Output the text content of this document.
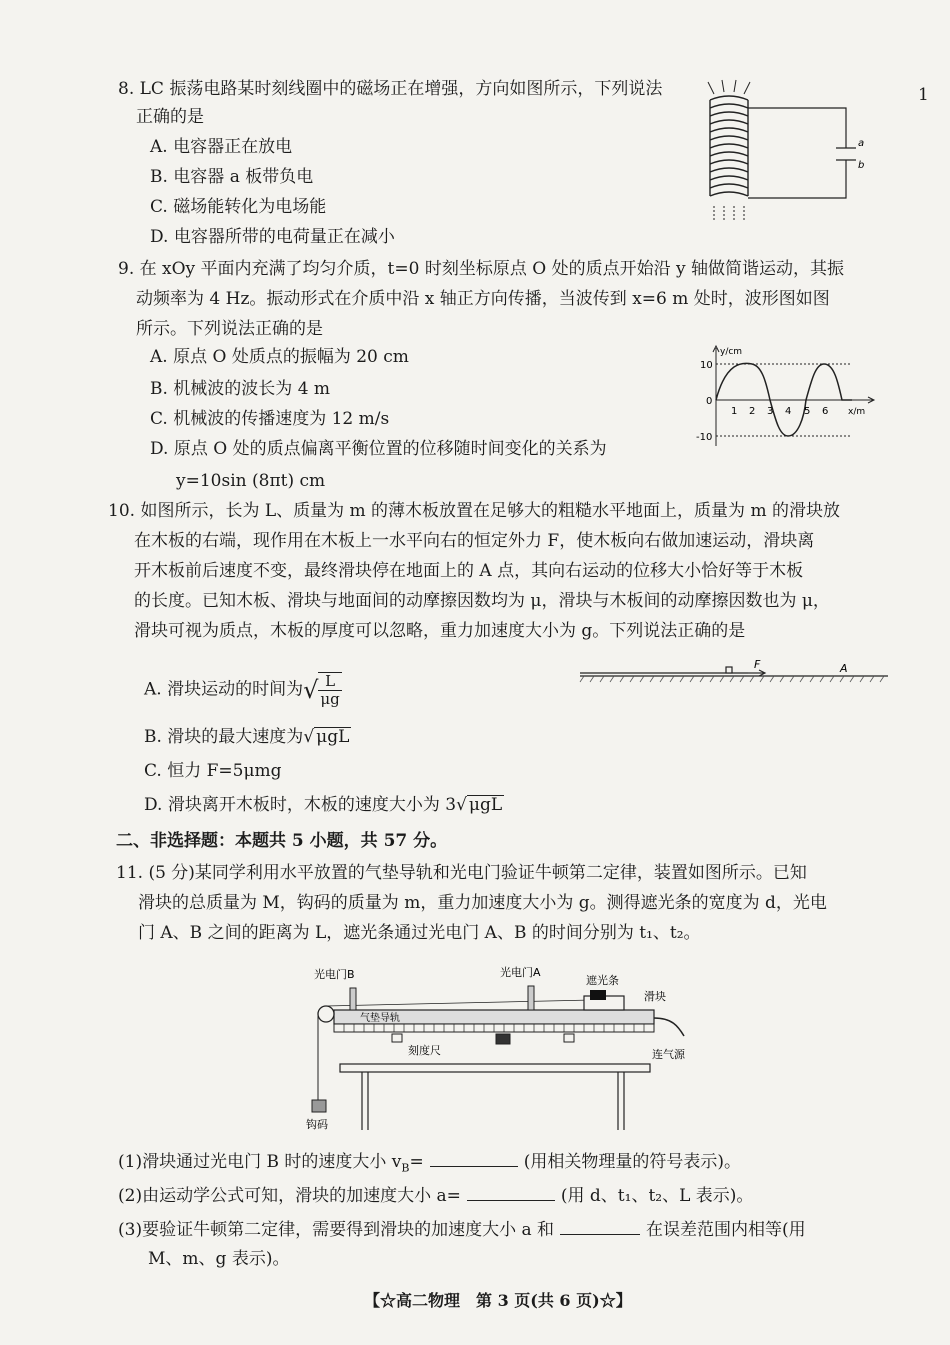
1
8. LC 振荡电路某时刻线圈中的磁场正在增强，方向如图所示，下列说法
正确的是
A. 电容器正在放电
B. 电容器 a 板带负电
C. 磁场能转化为电场能
D. 电容器所带的电荷量正在减小
a
b
9. 在 xOy 平面内充满了均匀介质，t=0 时刻坐标原点 O 处的质点开始沿 y 轴做简谐运动，其振
动频率为 4 Hz。振动形式在介质中沿 x 轴正方向传播，当波传到 x=6 m 处时，波形图如图
所示。下列说法正确的是
A. 原点 O 处质点的振幅为 20 cm
B. 机械波的波长为 4 m
C. 机械波的传播速度为 12 m/s
D. 原点 O 处的质点偏离平衡位置的位移随时间变化的关系为
y=10sin (8πt) cm
y/cm
10
0
-10
1 2 3 4 5 6 x/m
10. 如图所示，长为 L、质量为 m 的薄木板放置在足够大的粗糙水平地面上，质量为 m 的滑块放
在木板的右端，现作用在木板上一水平向右的恒定外力 F，使木板向右做加速运动，滑块离
开木板前后速度不变，最终滑块停在地面上的 A 点，其向右运动的位移大小恰好等于木板
的长度。已知木板、滑块与地面间的动摩擦因数均为 μ，滑块与木板间的动摩擦因数也为 μ，
滑块可视为质点，木板的厚度可以忽略，重力加速度大小为 g。下列说法正确的是
A. 滑块运动的时间为√ $\frac{L}{\mu g}$
B. 滑块的最大速度为√ μgL
C. 恒力 F=5μmg
D. 滑块离开木板时，木板的速度大小为 3√ μgL
F	A
二、非选择题：本题共 5 小题，共 57 分。
11. (5 分)某同学利用水平放置的气垫导轨和光电门验证牛顿第二定律，装置如图所示。已知
滑块的总质量为 M，钩码的质量为 m，重力加速度大小为 g。测得遮光条的宽度为 d，光电
门 A、B 之间的距离为 L，遮光条通过光电门 A、B 的时间分别为 t₁、t₂。
光电门B	光电门A
遮光条
滑块
气垫导轨
刻度尺	连气源
钩码
(1)滑块通过光电门 B 时的速度大小 $v_B=$	(用相关物理量的符号表示)。
(2)由运动学公式可知，滑块的加速度大小 a=	(用 d、t₁、t₂、L 表示)。
(3)要验证牛顿第二定律，需要得到滑块的加速度大小 a 和	在误差范围内相等(用
M、m、g 表示)。
【☆高二物理　第 3 页(共 6 页)☆】
